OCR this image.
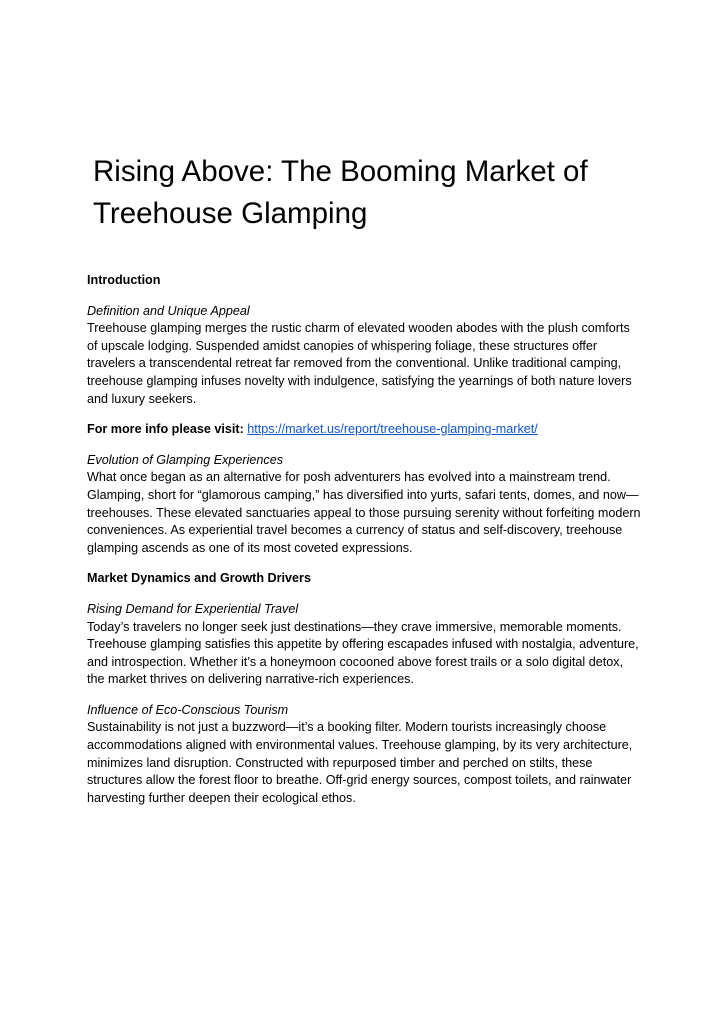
Rising Above: The Booming Market of Treehouse Glamping

Introduction

Definition and Unique Appeal

Treehouse glamping merges the rustic charm of elevated wooden abodes with the plush comforts of upscale lodging. Suspended amidst canopies of whispering foliage, these structures offer travelers a transcendental retreat far removed from the conventional. Unlike traditional camping, treehouse glamping infuses novelty with indulgence, satisfying the yearnings of both nature lovers and luxury seekers.

For more info please visit: https://market.us/report/treehouse-glamping-market/

Evolution of Glamping Experiences

What once began as an alternative for posh adventurers has evolved into a mainstream trend. Glamping, short for “glamorous camping,” has diversified into yurts, safari tents, domes, and now—treehouses. These elevated sanctuaries appeal to those pursuing serenity without forfeiting modern conveniences. As experiential travel becomes a currency of status and self-discovery, treehouse glamping ascends as one of its most coveted expressions.

Market Dynamics and Growth Drivers

Rising Demand for Experiential Travel

Today’s travelers no longer seek just destinations—they crave immersive, memorable moments. Treehouse glamping satisfies this appetite by offering escapades infused with nostalgia, adventure, and introspection. Whether it’s a honeymoon cocooned above forest trails or a solo digital detox, the market thrives on delivering narrative-rich experiences.

Influence of Eco-Conscious Tourism

Sustainability is not just a buzzword—it’s a booking filter. Modern tourists increasingly choose accommodations aligned with environmental values. Treehouse glamping, by its very architecture, minimizes land disruption. Constructed with repurposed timber and perched on stilts, these structures allow the forest floor to breathe. Off-grid energy sources, compost toilets, and rainwater harvesting further deepen their ecological ethos.
